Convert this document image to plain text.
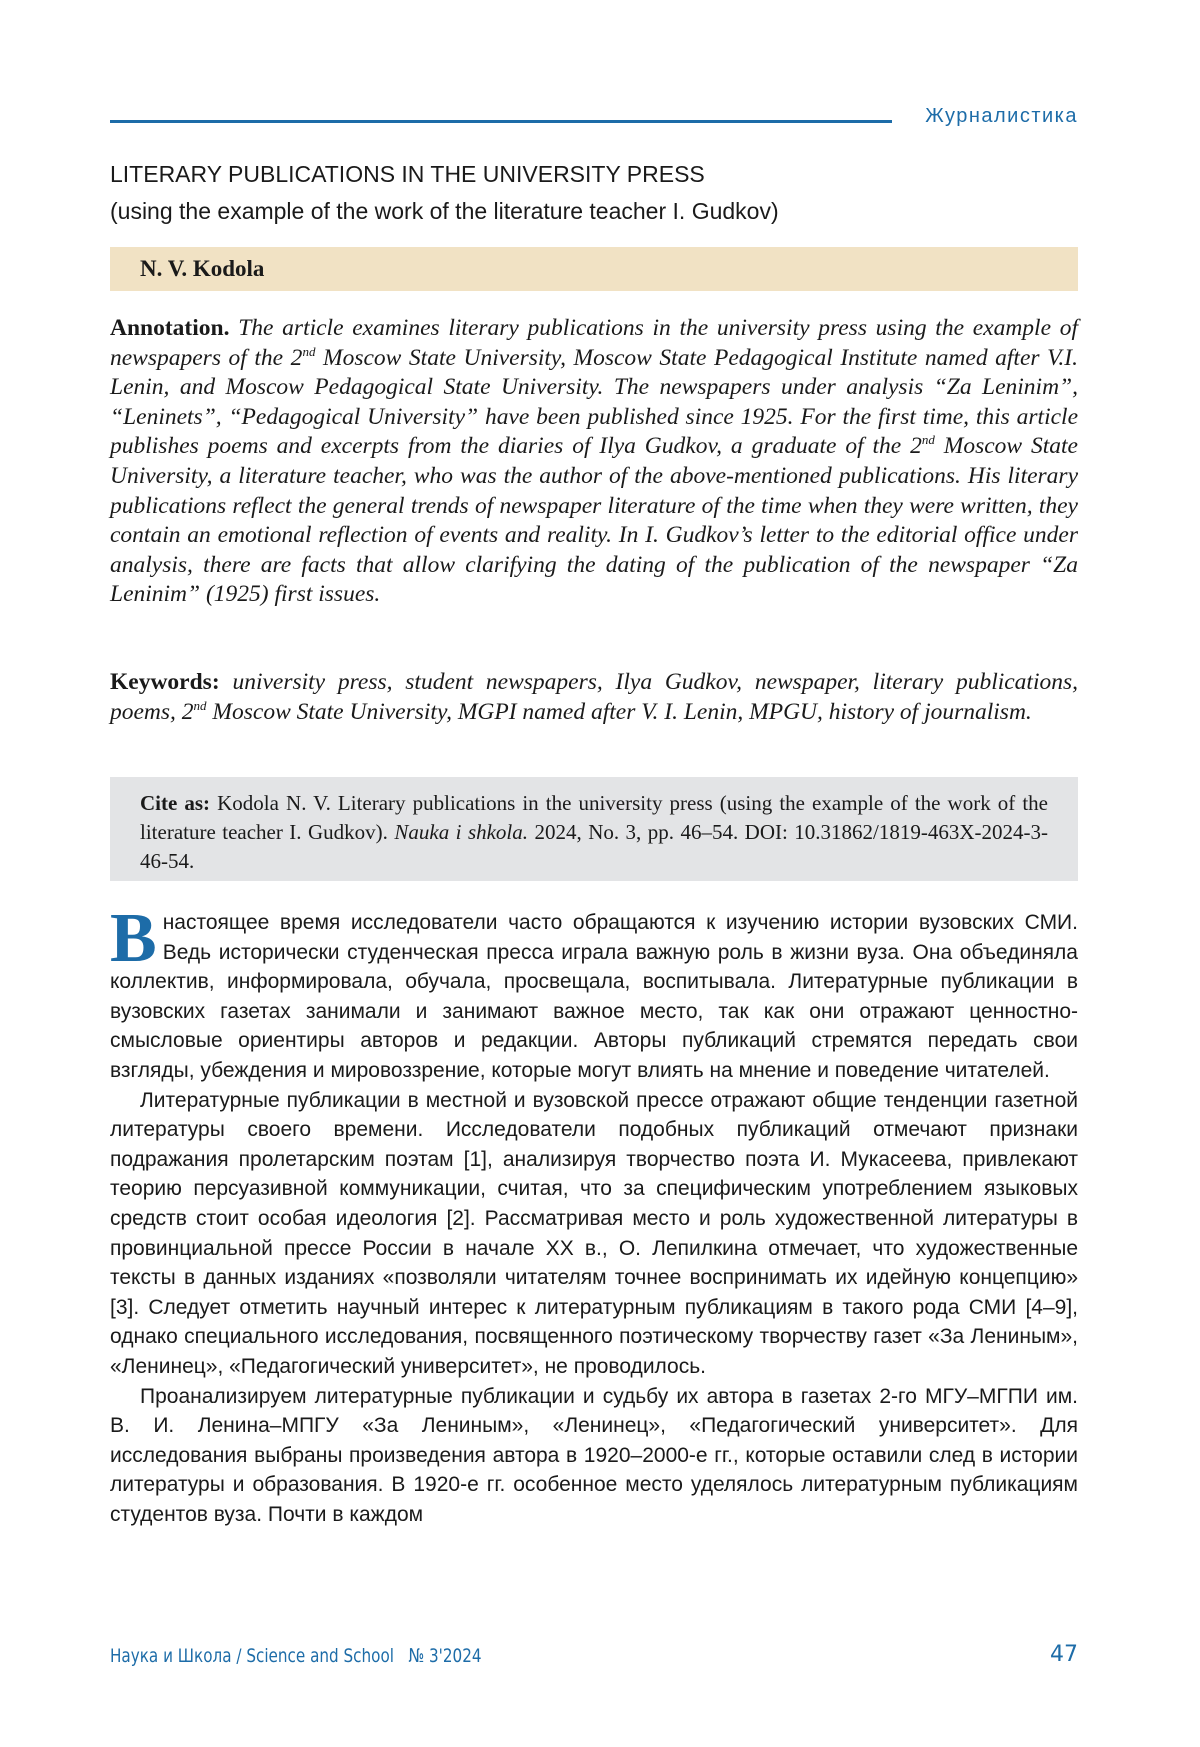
Журналистика
LITERARY PUBLICATIONS IN THE UNIVERSITY PRESS
(using the example of the work of the literature teacher I. Gudkov)
N. V. Kodola
Annotation. The article examines literary publications in the university press using the example of newspapers of the 2nd Moscow State University, Moscow State Pedagogical Institute named after V.I. Lenin, and Moscow Pedagogical State University. The newspapers under analysis “Za Leninim”, “Leninets”, “Pedagogical University” have been published since 1925. For the first time, this article publishes poems and excerpts from the diaries of Ilya Gudkov, a graduate of the 2nd Moscow State University, a literature teacher, who was the author of the above-mentioned publications. His literary publications reflect the general trends of newspaper literature of the time when they were written, they contain an emotional reflection of events and reality. In I. Gudkov’s letter to the editorial office under analysis, there are facts that allow clarifying the dating of the publication of the newspaper “Za Leninim” (1925) first issues.
Keywords: university press, student newspapers, Ilya Gudkov, newspaper, literary publications, poems, 2nd Moscow State University, MGPI named after V. I. Lenin, MPGU, history of journalism.
Cite as: Kodola N. V. Literary publications in the university press (using the example of the work of the literature teacher I. Gudkov). Nauka i shkola. 2024, No. 3, pp. 46–54. DOI: 10.31862/1819-463X-2024-3-46-54.

Внастоящее время исследователи часто обращаются к изучению истории вузовских СМИ. Ведь исторически студенческая пресса играла важную роль в жизни вуза. Она объединяла коллектив, информировала, обучала, просвещала, воспитывала. Литературные публикации в вузовских газетах занимали и занимают важное место, так как они отражают ценностно-смысловые ориентиры авторов и редакции. Авторы публикаций стремятся передать свои взгляды, убеждения и мировоззрение, которые могут влиять на мнение и поведение читателей.

Литературные публикации в местной и вузовской прессе отражают общие тенденции газетной литературы своего времени. Исследователи подобных публикаций отмечают признаки подражания пролетарским поэтам [1], анализируя творчество поэта И. Мукасеева, привлекают теорию персуазивной коммуникации, считая, что за специфическим употреблением языковых средств стоит особая идеология [2]. Рассматривая место и роль художественной литературы в провинциальной прессе России в начале XX в., О. Лепилкина отмечает, что художественные тексты в данных изданиях «позволяли читателям точнее воспринимать их идейную концепцию» [3]. Следует отметить научный интерес к литературным публикациям в такого рода СМИ [4–9], однако специального исследования, посвященного поэтическому творчеству газет «За Лениным», «Ленинец», «Педагогический университет», не проводилось.

Проанализируем литературные публикации и судьбу их автора в газетах 2-го МГУ–МГПИ им. В. И. Ленина–МПГУ «За Лениным», «Ленинец», «Педагогический университет». Для исследования выбраны произведения автора в 1920–2000-е гг., которые оставили след в истории литературы и образования. В 1920-е гг. особенное место уделялось литературным публикациям студентов вуза. Почти в каждом

Наука и Школа / Science and School № 3'2024	47
